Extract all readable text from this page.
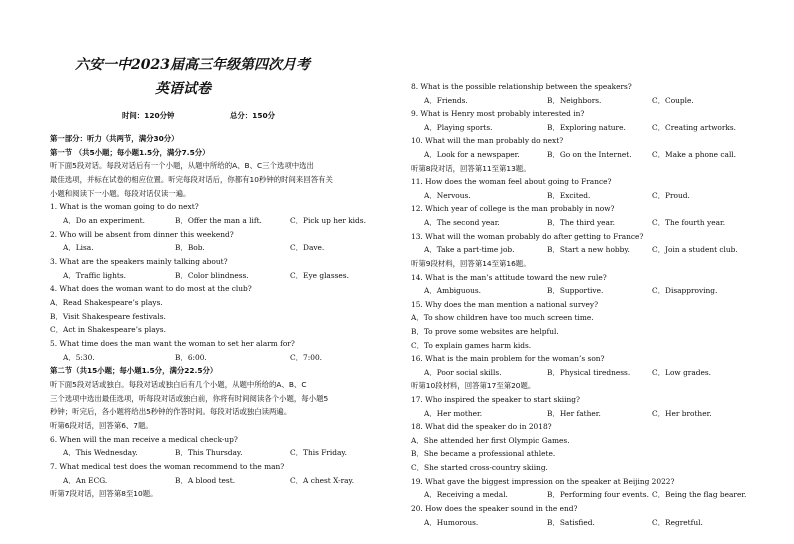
六安一中2023届高三年级第四次月考
英语试卷
时间：120分钟	总分：150分
第一部分：听力（共两节，满分30分）
第一节 （共5小题；每小题1.5分，满分7.5分）
听下面5段对话。每段对话后有一个小题，从题中所给的A、B、C三个选项中选出
最佳选项，并标在试卷的相应位置。听完每段对话后，你都有10秒钟的时间来回答有关
小题和阅读下一小题。每段对话仅读一遍。
1. What is the woman going to do next?
A．Do an experiment.	B．Offer the man a lift.	C．Pick up her kids.
2. Who will be absent from dinner this weekend?
A．Lisa.	B．Bob.	C．Dave.
3. What are the speakers mainly talking about?
A．Traffic lights.	B．Color blindness.	C．Eye glasses.
4. What does the woman want to do most at the club?
A．Read Shakespeare’s plays.
B．Visit Shakespeare festivals.
C．Act in Shakespeare’s plays.
5. What time does the man want the woman to set her alarm for?
A．5:30.	B．6:00.	C．7:00.
第二节（共15小题；每小题1.5分，满分22.5分）
听下面5段对话或独白。每段对话或独白后有几个小题，从题中所给的A、B、C
三个选项中选出最佳选项，听每段对话或独白前，你将有时间阅读各个小题，每小题5
秒钟；听完后，各小题将给出5秒钟的作答时间。每段对话或独白读两遍。
听第6段对话，回答第6、7题。
6. When will the man receive a medical check-up?
A．This Wednesday.	B．This Thursday.	C．This Friday.
7. What medical test does the woman recommend to the man?
A．An ECG.	B．A blood test.	C．A chest X-ray.
听第7段对话，回答第8至10题。
8. What is the possible relationship between the speakers?
A．Friends.	B．Neighbors.	C．Couple.
9. What is Henry most probably interested in?
A．Playing sports.	B．Exploring nature.	C．Creating artworks.
10. What will the man probably do next?
A．Look for a newspaper.	B．Go on the Internet.	C．Make a phone call.
听第8段对话，回答第11至第13题。
11. How does the woman feel about going to France?
A．Nervous.	B．Excited.	C．Proud.
12. Which year of college is the man probably in now?
A．The second year.	B．The third year.	C．The fourth year.
13. What will the woman probably do after getting to France?
A．Take a part-time job.	B．Start a new hobby.	C．Join a student club.
听第9段材料，回答第14至第16题。
14. What is the man’s attitude toward the new rule?
A．Ambiguous.	B．Supportive.	C．Disapproving.
15. Why does the man mention a national survey?
A．To show children have too much screen time.
B．To prove some websites are helpful.
C．To explain games harm kids.
16. What is the main problem for the woman’s son?
A．Poor social skills.	B．Physical tiredness.	C．Low grades.
听第10段材料，回答第17至第20题。
17. Who inspired the speaker to start skiing?
A．Her mother.	B．Her father.	C．Her brother.
18. What did the speaker do in 2018?
A．She attended her first Olympic Games.
B．She became a professional athlete.
C．She started cross-country skiing.
19. What gave the biggest impression on the speaker at Beijing 2022?
A．Receiving a medal.	B．Performing four events. C．Being the flag bearer.
20. How does the speaker sound in the end?
A．Humorous.	B．Satisfied.	C．Regretful.
